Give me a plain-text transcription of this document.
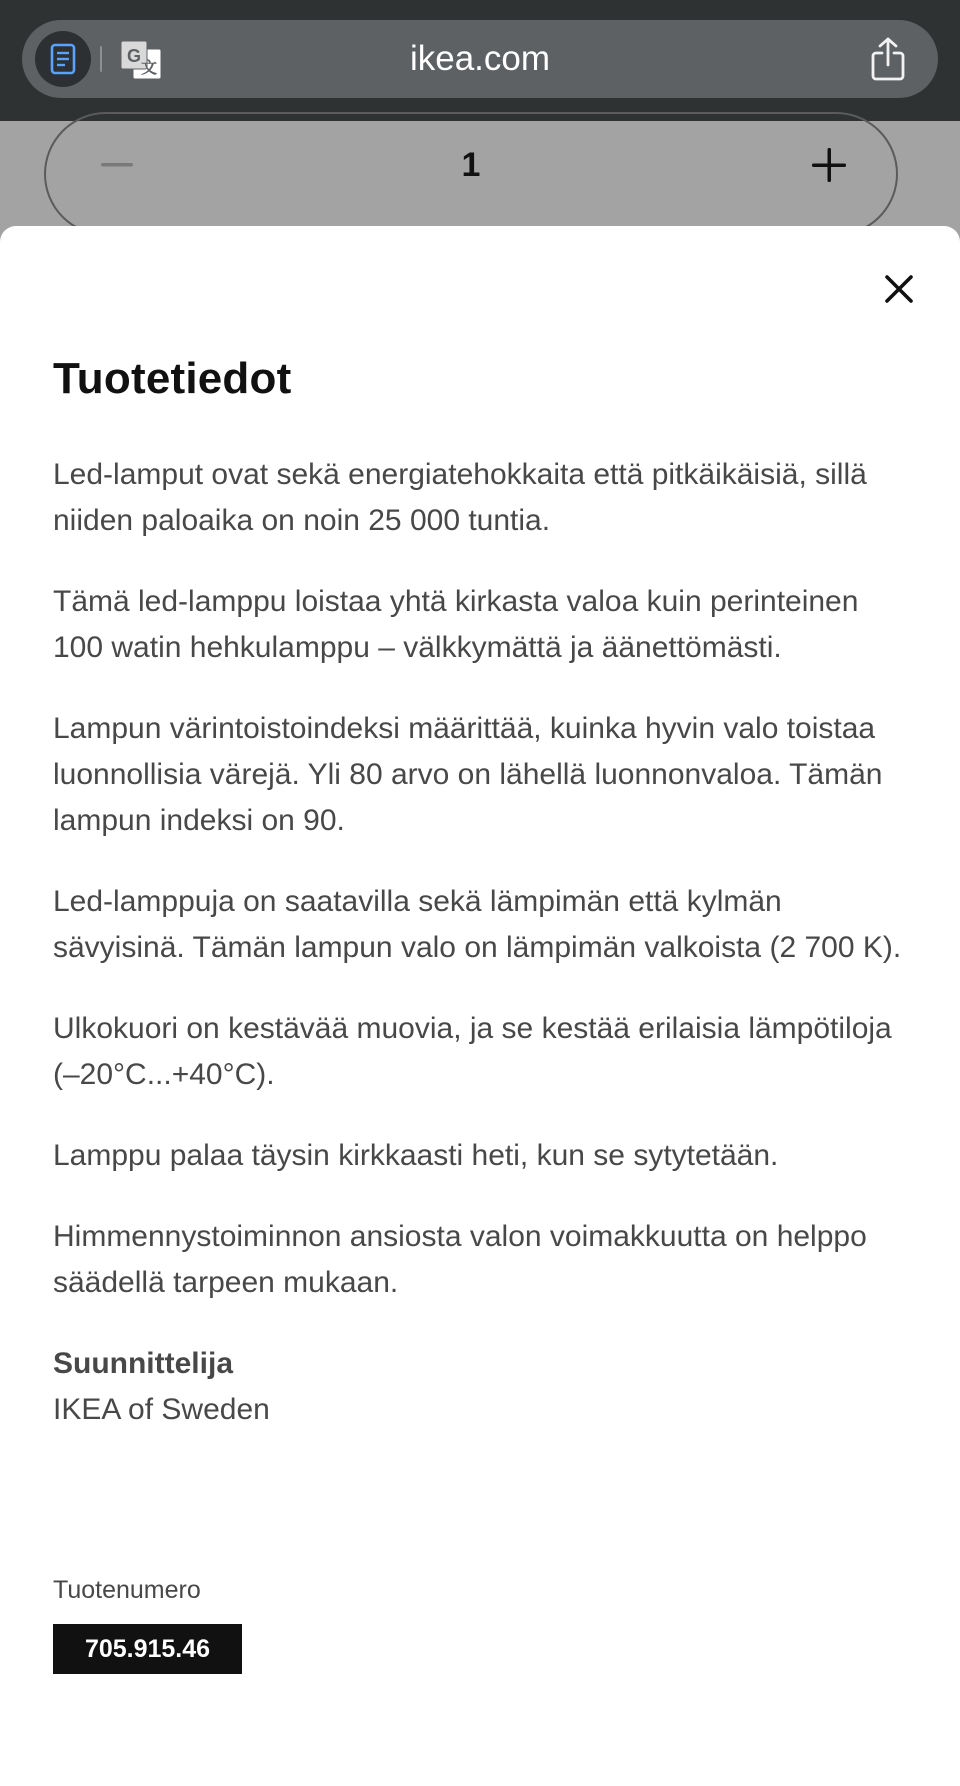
G
文	ikea.com
1
Tuotetiedot

Led-lamput ovat sekä energiatehokkaita että pitkäikäisiä, sillä niiden paloaika on noin 25 000 tuntia.

Tämä led-lamppu loistaa yhtä kirkasta valoa kuin perinteinen 100 watin hehkulamppu – välkkymättä ja äänettömästi.

Lampun värintoistoindeksi määrittää, kuinka hyvin valo toistaa luonnollisia värejä. Yli 80 arvo on lähellä luonnonvaloa. Tämän lampun indeksi on 90.

Led-lamppuja on saatavilla sekä lämpimän että kylmän sävyisinä. Tämän lampun valo on lämpimän valkoista (2 700 K).

Ulkokuori on kestävää muovia, ja se kestää erilaisia lämpötiloja (–20°C...+40°C).

Lamppu palaa täysin kirkkaasti heti, kun se sytytetään.

Himmennystoiminnon ansiosta valon voimakkuutta on helppo säädellä tarpeen mukaan.

Suunnittelija
IKEA of Sweden
Tuotenumero
705.915.46
